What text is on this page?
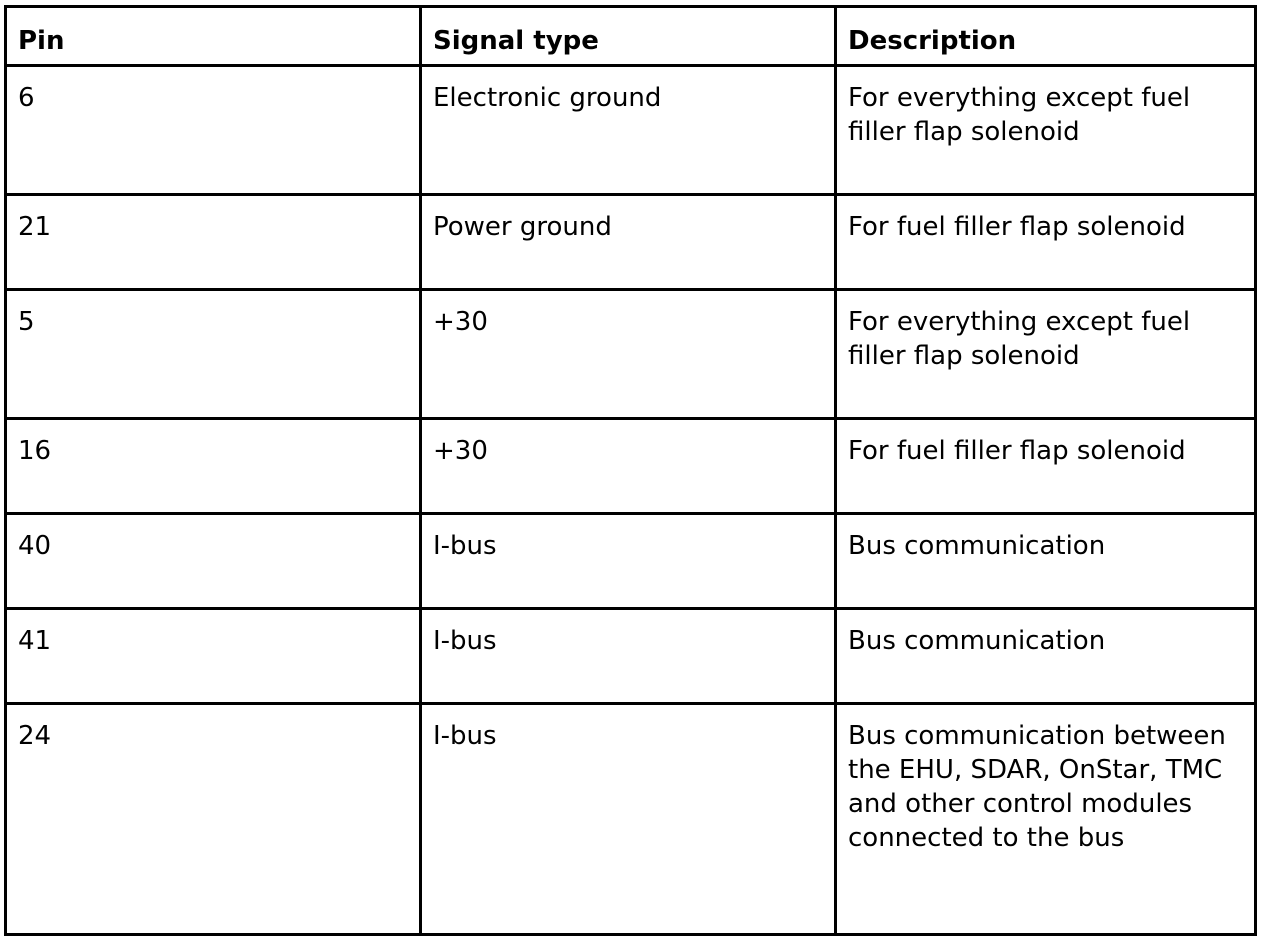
Pin	Signal type	Description
6	Electronic ground	For everything except fuel filler flap solenoid
21	Power ground	For fuel filler flap solenoid
5	+30	For everything except fuel filler flap solenoid
16	+30	For fuel filler flap solenoid
40	I-bus	Bus communication
41	I-bus	Bus communication
24	I-bus	Bus communication between the EHU, SDAR, OnStar, TMC and other control modules connected to the bus
